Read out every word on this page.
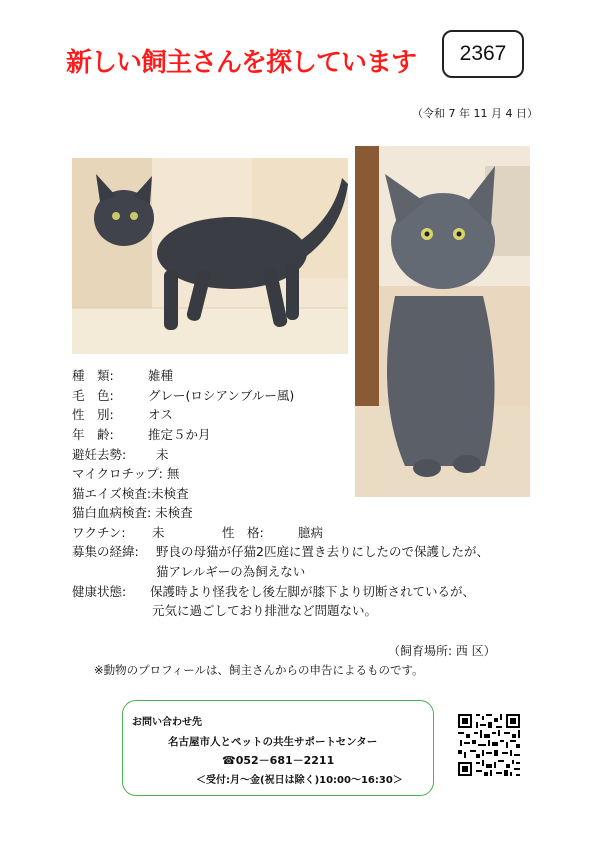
新しい飼主さんを探しています	2367
（令和 7 年 11 月 4 日）
種　類:	雑種
毛　色:	グレー(ロシアンブルー風)
性　別:	オス
年　齢:	推定５か月
避妊去勢: 未
マイクロチップ: 無
猫エイズ検査:未検査
猫白血病検査: 未検査
ワクチン: 未	性　格:	臆病
募集の経緯: 野良の母猫が仔猫2匹庭に置き去りにしたので保護したが、
猫アレルギーの為飼えない
健康状態: 保護時より怪我をし後左脚が膝下より切断されているが、
元気に過ごしており排泄など問題ない。
（飼育場所: 西 区）
※動物のプロフィールは、飼主さんからの申告によるものです。
お問い合わせ先
名古屋市人とペットの共生サポートセンター
☎052－681－2211
＜受付:月～金(祝日は除く)10:00～16:30＞
